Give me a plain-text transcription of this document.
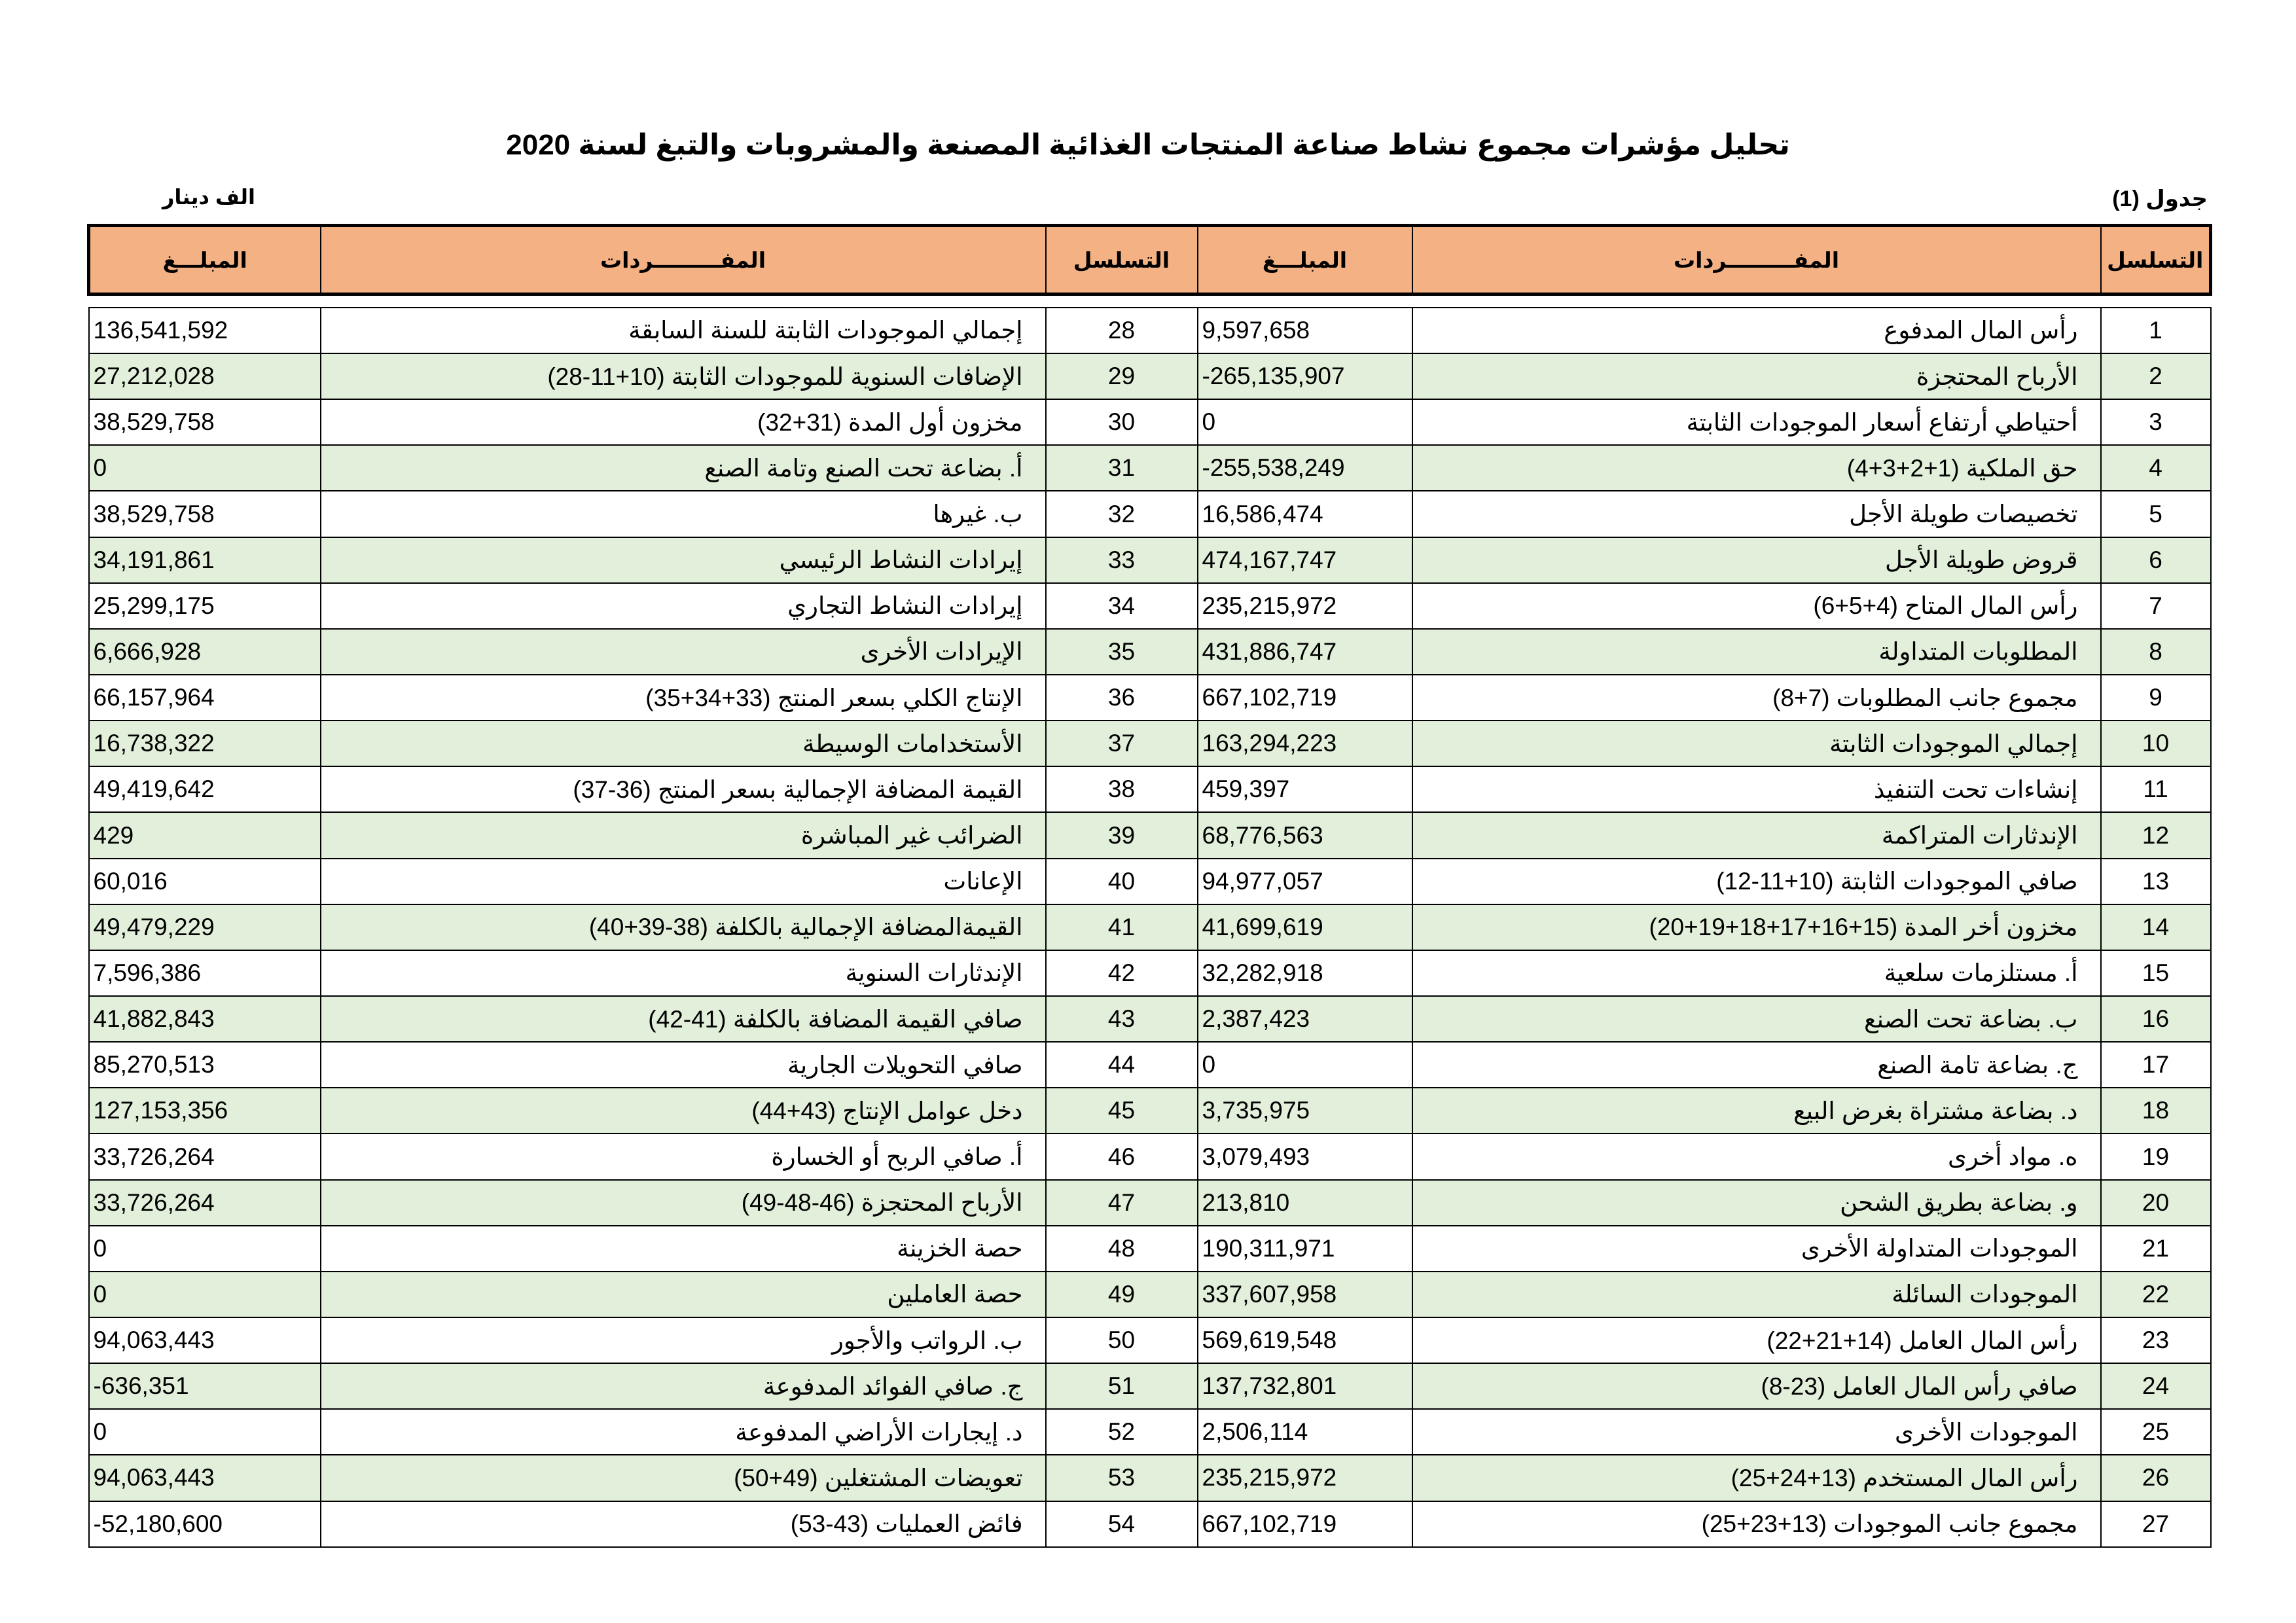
تحليل مؤشرات مجموع نشاط صناعة المنتجات الغذائية المصنعة والمشروبات والتبغ لسنة 2020
جدول (1)
الف دينار
التسلسل	المفـــــــــردات	المبلـــغ	التسلسل	المفـــــــــردات	المبلـــغ

1	رأس المال المدفوع	9,597,658	28	إجمالي الموجودات الثابتة للسنة السابقة	136,541,592
2	الأرباح المحتجزة	-265,135,907	29	الإضافات السنوية للموجودات الثابتة (10+11-28)	27,212,028
3	أحتياطي أرتفاع أسعار الموجودات الثابتة	0	30	مخزون أول المدة (31+32)	38,529,758
4	حق الملكية (1+2+3+4)	-255,538,249	31	أ. بضاعة تحت الصنع وتامة الصنع	0
5	تخصيصات طويلة الأجل	16,586,474	32	ب. غيرها	38,529,758
6	قروض طويلة الأجل	474,167,747	33	إيرادات النشاط الرئيسي	34,191,861
7	رأس المال المتاح (4+5+6)	235,215,972	34	إيرادات النشاط التجاري	25,299,175
8	المطلوبات المتداولة	431,886,747	35	الإيرادات الأخرى	6,666,928
9	مجموع جانب المطلوبات (7+8)	667,102,719	36	الإنتاج الكلي بسعر المنتج (33+34+35)	66,157,964
10	إجمالي الموجودات الثابتة	163,294,223	37	الأستخدامات الوسيطة	16,738,322
11	إنشاءات تحت التنفيذ	459,397	38	القيمة المضافة الإجمالية بسعر المنتج (36-37)	49,419,642
12	الإندثارات المتراكمة	68,776,563	39	الضرائب غير المباشرة	429
13	صافي الموجودات الثابتة (10+11-12)	94,977,057	40	الإعانات	60,016
14	مخزون أخر المدة (15+16+17+18+19+20)	41,699,619	41	القيمةالمضافة الإجمالية بالكلفة (38-39+40)	49,479,229
15	أ. مستلزمات سلعية	32,282,918	42	الإندثارات السنوية	7,596,386
16	ب. بضاعة تحت الصنع	2,387,423	43	صافي القيمة المضافة بالكلفة (41-42)	41,882,843
17	ج. بضاعة تامة الصنع	0	44	صافي التحويلات الجارية	85,270,513
18	د. بضاعة مشتراة بغرض البيع	3,735,975	45	دخل عوامل الإنتاج (43+44)	127,153,356
19	ه. مواد أخرى	3,079,493	46	أ. صافي الربح أو الخسارة	33,726,264
20	و. بضاعة بطريق الشحن	213,810	47	الأرباح المحتجزة (46-48-49)	33,726,264
21	الموجودات المتداولة الأخرى	190,311,971	48	حصة الخزينة	0
22	الموجودات السائلة	337,607,958	49	حصة العاملين	0
23	رأس المال العامل (14+21+22)	569,619,548	50	ب. الرواتب والأجور	94,063,443
24	صافي رأس المال العامل (23-8)	137,732,801	51	ج. صافي الفوائد المدفوعة	-636,351
25	الموجودات الأخرى	2,506,114	52	د. إيجارات الأراضي المدفوعة	0
26	رأس المال المستخدم (13+24+25)	235,215,972	53	تعويضات المشتغلين (49+50)	94,063,443
27	مجموع جانب الموجودات (13+23+25)	667,102,719	54	فائض العمليات (43-53)	-52,180,600
